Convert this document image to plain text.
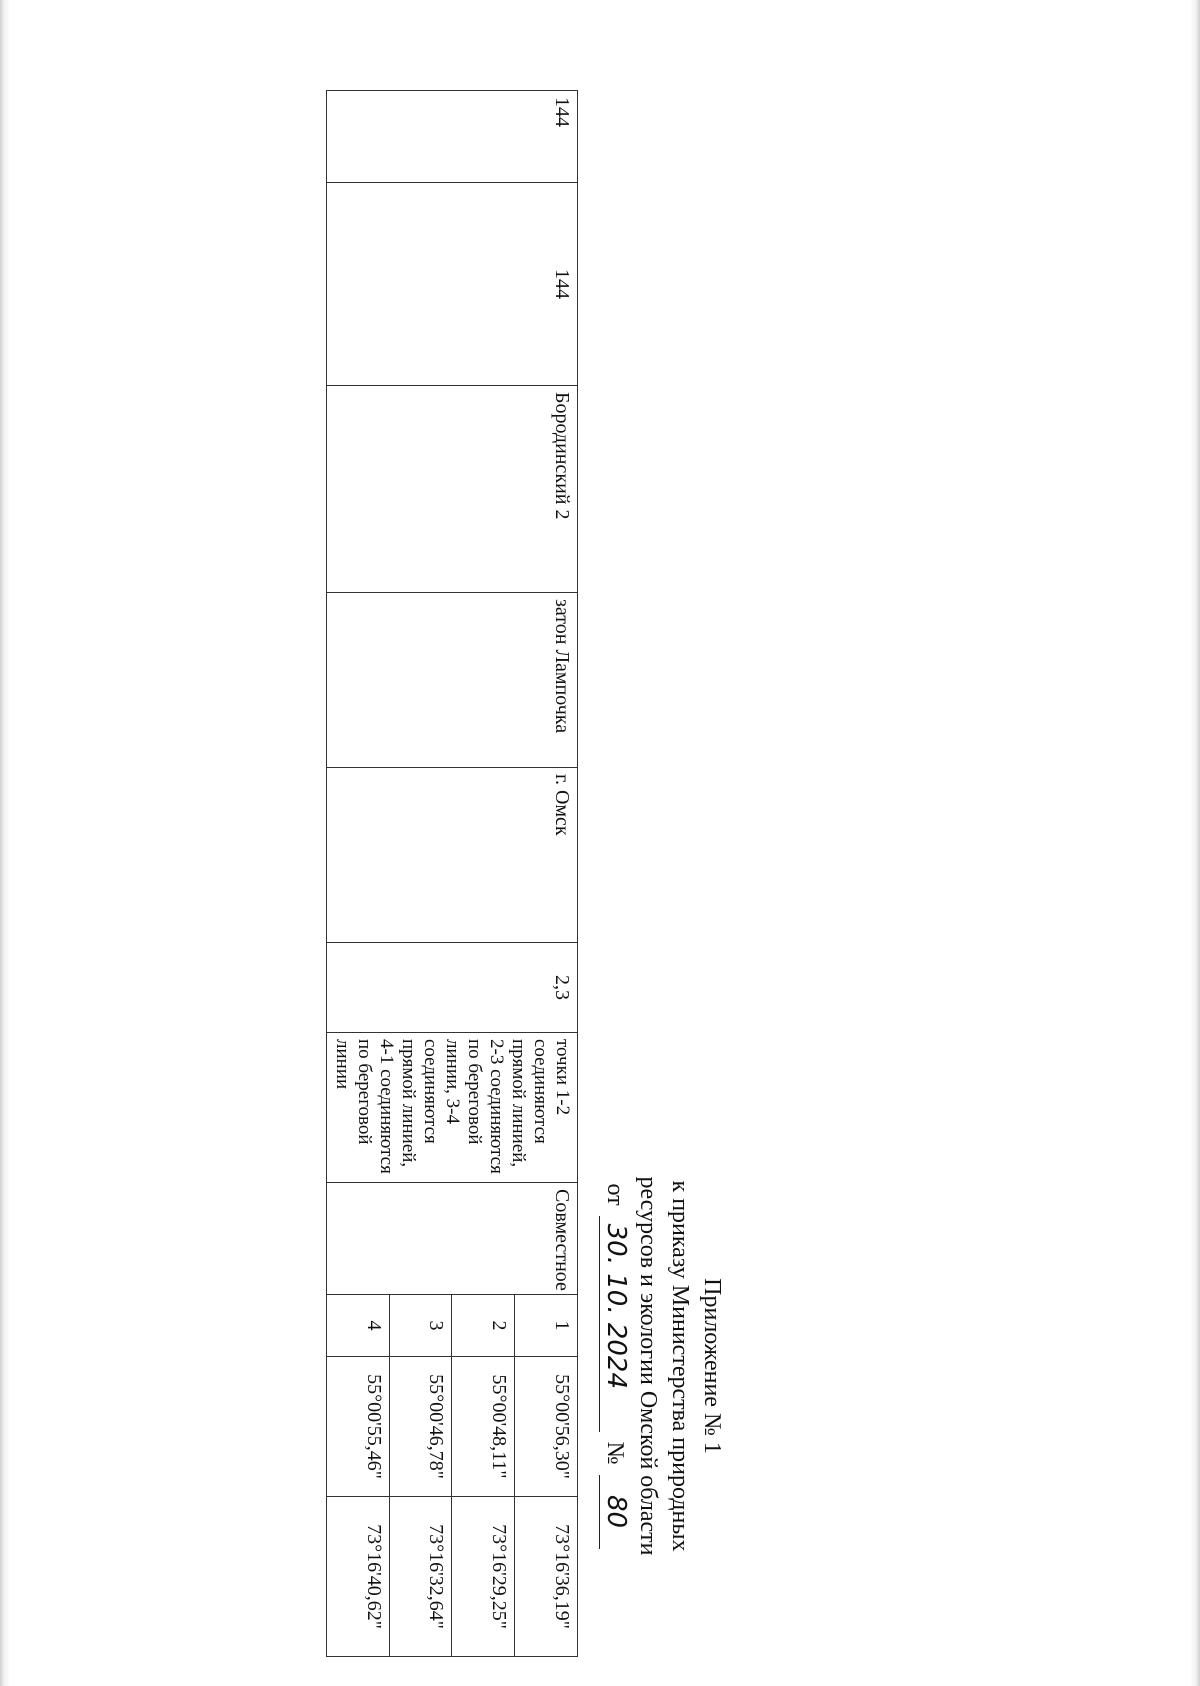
Приложение № 1
к приказу Министерства природных
ресурсов и экологии Омской области
от
30. 10. 2024
№
80
144	144	Бородинский 2	затон Лампочка	г. Омск	2,3	точки 1-2 соединяются прямой линией, 2-3 соединяются по береговой линии, 3-4 соединяются прямой линией, 4-1 соединяются по береговой линии	Совместное	1	55°00'56,30"	73°16'36,19"
								2	55°00'48,11"	73°16'29,25"
								3	55°00'46,78"	73°16'32,64"
								4	55°00'55,46"	73°16'40,62"
